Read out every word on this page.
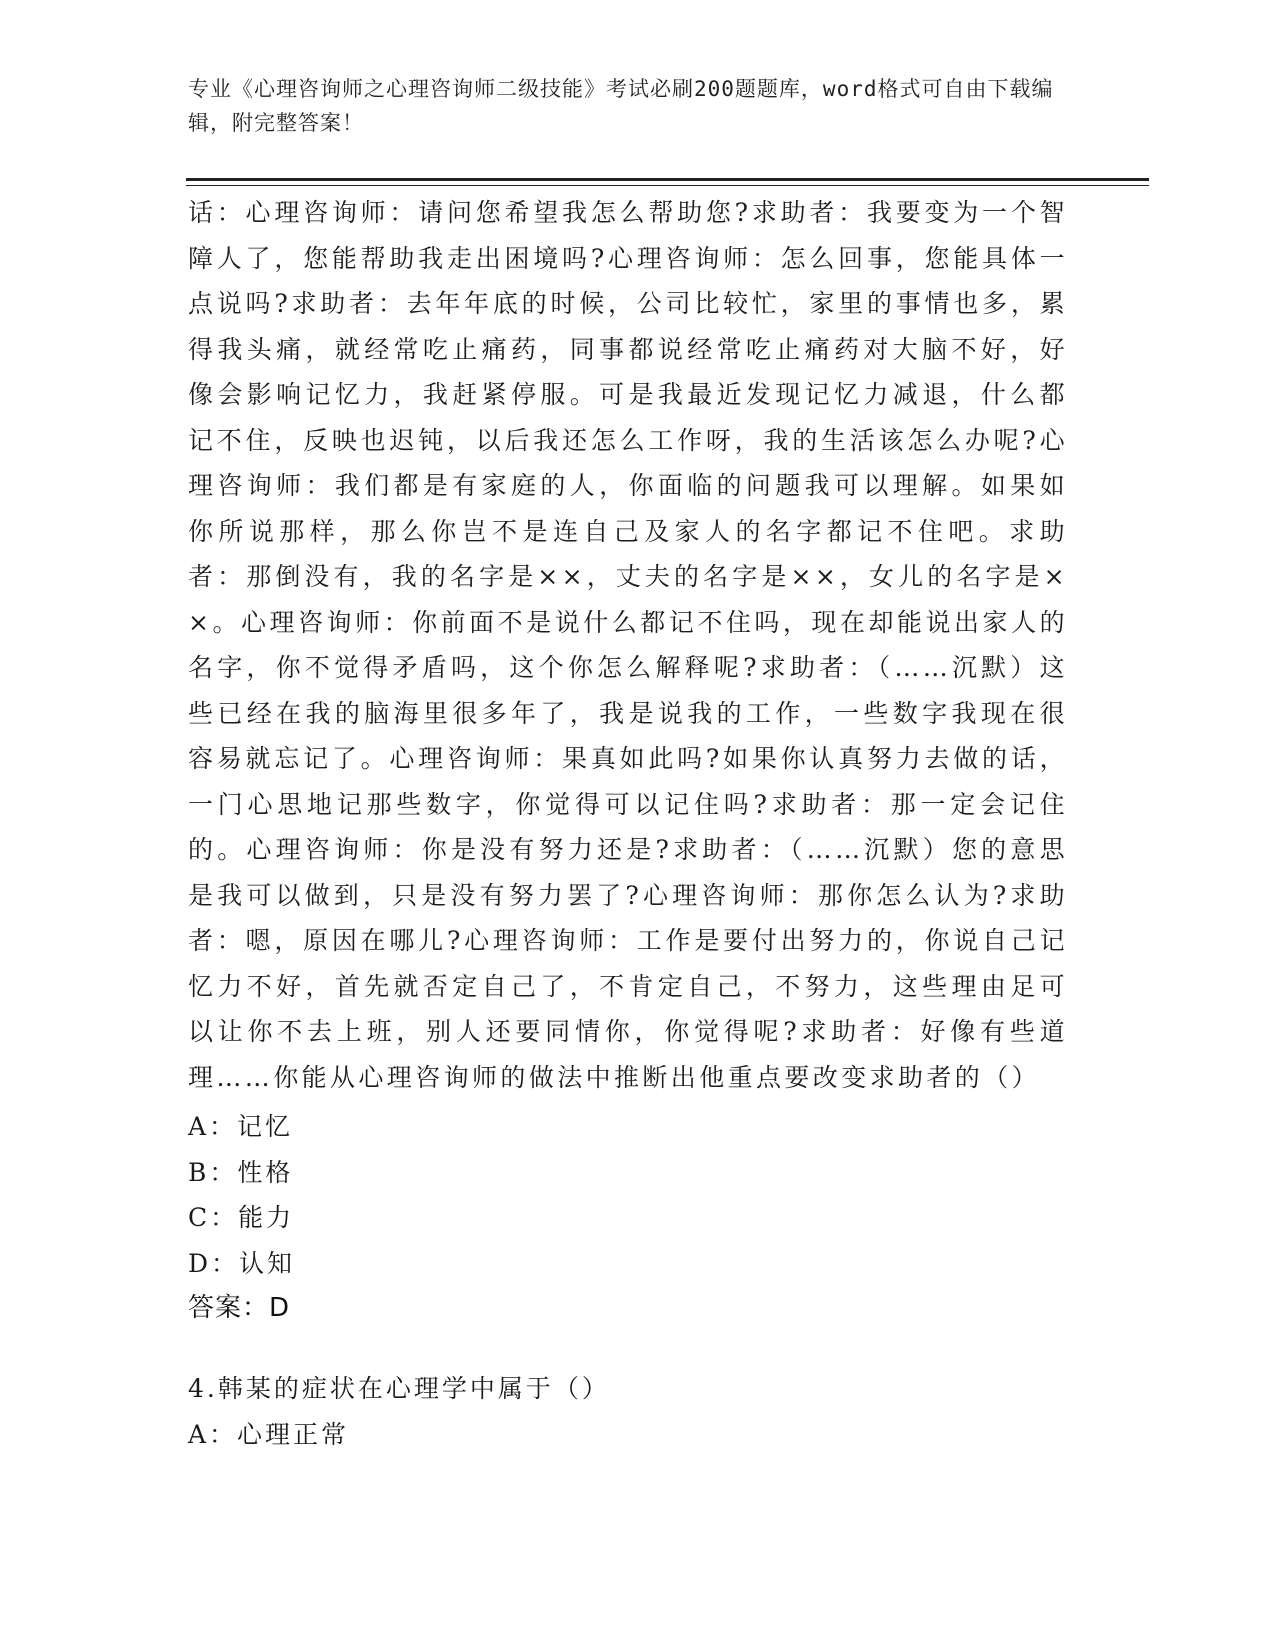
专业《心理咨询师之心理咨询师二级技能》考试必刷200题题库，word格式可自由下载编辑，附完整答案！
话：心理咨询师：请问您希望我怎么帮助您?求助者：我要变为一个智障人了，您能帮助我走出困境吗?心理咨询师：怎么回事，您能具体一点说吗?求助者：去年年底的时候，公司比较忙，家里的事情也多，累得我头痛，就经常吃止痛药，同事都说经常吃止痛药对大脑不好，好像会影响记忆力，我赶紧停服。可是我最近发现记忆力减退，什么都记不住，反映也迟钝，以后我还怎么工作呀，我的生活该怎么办呢?心理咨询师：我们都是有家庭的人，你面临的问题我可以理解。如果如你所说那样，那么你岂不是连自己及家人的名字都记不住吧。求助者：那倒没有，我的名字是××，丈夫的名字是××，女儿的名字是××。心理咨询师：你前面不是说什么都记不住吗，现在却能说出家人的名字，你不觉得矛盾吗，这个你怎么解释呢?求助者：（……沉默）这些已经在我的脑海里很多年了，我是说我的工作，一些数字我现在很容易就忘记了。心理咨询师：果真如此吗?如果你认真努力去做的话，一门心思地记那些数字，你觉得可以记住吗?求助者：那一定会记住的。心理咨询师：你是没有努力还是?求助者：（……沉默）您的意思是我可以做到，只是没有努力罢了?心理咨询师：那你怎么认为?求助者：嗯，原因在哪儿?心理咨询师：工作是要付出努力的，你说自己记忆力不好，首先就否定自己了，不肯定自己，不努力，这些理由足可以让你不去上班，别人还要同情你，你觉得呢?求助者：好像有些道理……你能从心理咨询师的做法中推断出他重点要改变求助者的（）
A：记忆
B：性格
C：能力
D：认知
答案：D
4.韩某的症状在心理学中属于（）
A：心理正常
